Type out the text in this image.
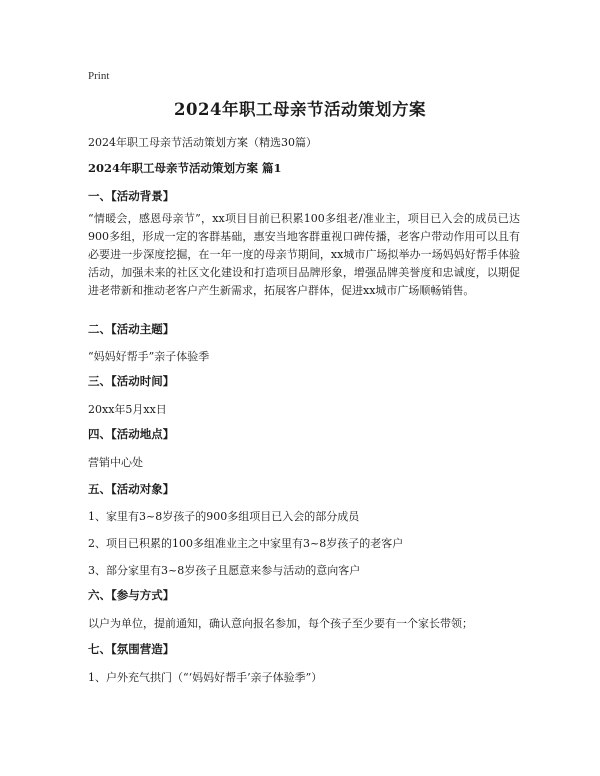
Print
2024年职工母亲节活动策划方案
2024年职工母亲节活动策划方案（精选30篇）
2024年职工母亲节活动策划方案 篇1
一、【活动背景】
“情暖会，感恩母亲节”，xx项目目前已积累100多组老/准业主，项目已入会的成员已达900多组，形成一定的客群基础，惠安当地客群重视口碑传播，老客户带动作用可以且有必要进一步深度挖掘，在一年一度的母亲节期间，xx城市广场拟举办一场妈妈好帮手体验活动，加强未来的社区文化建设和打造项目品牌形象，增强品牌美誉度和忠诚度，以期促进老带新和推动老客户产生新需求，拓展客户群体，促进xx城市广场顺畅销售。
二、【活动主题】
“妈妈好帮手”亲子体验季
三、【活动时间】
20xx年5月xx日
四、【活动地点】
营销中心处
五、【活动对象】
1、家里有3~8岁孩子的900多组项目已入会的部分成员
2、项目已积累的100多组准业主之中家里有3~8岁孩子的老客户
3、部分家里有3~8岁孩子且愿意来参与活动的意向客户
六、【参与方式】
以户为单位，提前通知，确认意向报名参加，每个孩子至少要有一个家长带领；
七、【氛围营造】
1、户外充气拱门（“‘妈妈好帮手’亲子体验季”）
